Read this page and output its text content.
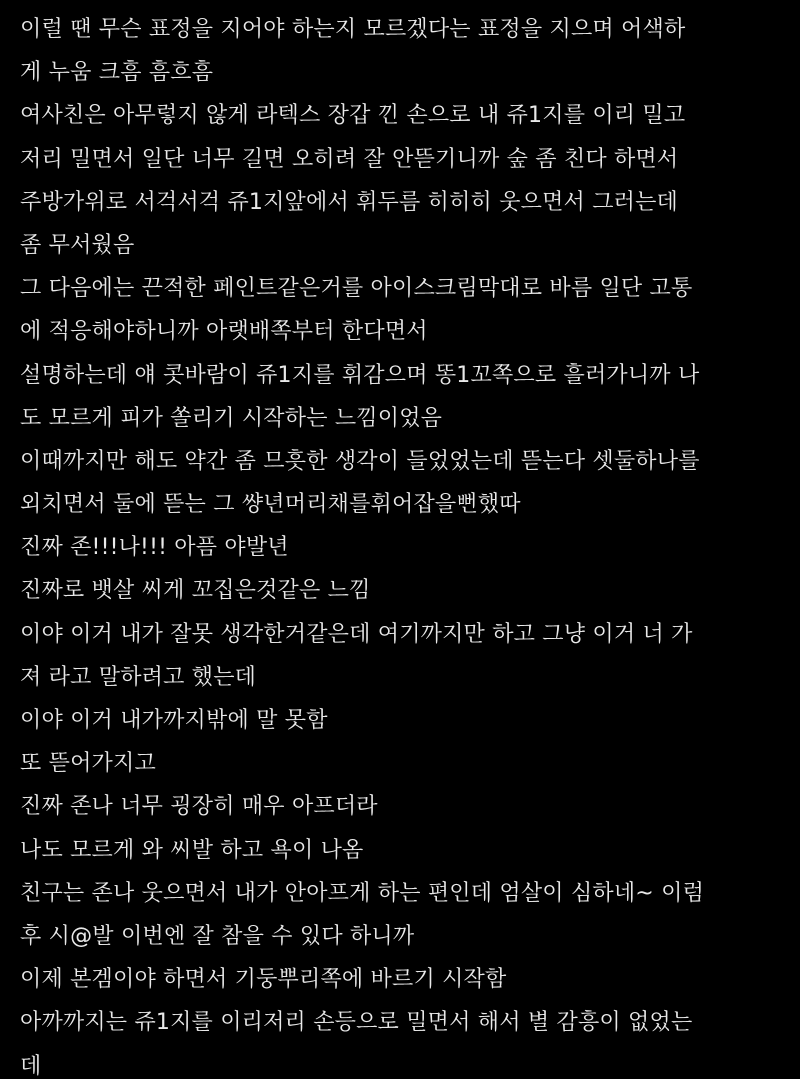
이럴 땐 무슨 표정을 지어야 하는지 모르겠다는 표정을 지으며 어색하
게 누움 크흠 흠흐흠
여사친은 아무렇지 않게 라텍스 장갑 낀 손으로 내 쥬1지를 이리 밀고
저리 밀면서 일단 너무 길면 오히려 잘 안뜯기니까 숲 좀 친다 하면서
주방가위로 서걱서걱 쥬1지앞에서 휘두름 히히히 웃으면서 그러는데
좀 무서웠음
그 다음에는 끈적한 페인트같은거를 아이스크림막대로 바름 일단 고통
에 적응해야하니까 아랫배쪽부터 한다면서
설명하는데 얘 콧바람이 쥬1지를 휘감으며 똥1꼬쪽으로 흘러가니까 나
도 모르게 피가 쏠리기 시작하는 느낌이었음
이때까지만 해도 약간 좀 므흣한 생각이 들었었는데 뜯는다 셋둘하나를
외치면서 둘에 뜯는 그 썅년머리채를휘어잡을뻔했따
진짜 존!!!나!!! 아픔 야발년
진짜로 뱃살 씨게 꼬집은것같은 느낌
이야 이거 내가 잘못 생각한거같은데 여기까지만 하고 그냥 이거 너 가
져 라고 말하려고 했는데
이야 이거 내가까지밖에 말 못함
또 뜯어가지고
진짜 존나 너무 굉장히 매우 아프더라
나도 모르게 와 씨발 하고 욕이 나옴
친구는 존나 웃으면서 내가 안아프게 하는 편인데 엄살이 심하네~ 이럼
후 시@발 이번엔 잘 참을 수 있다 하니까
이제 본겜이야 하면서 기둥뿌리쪽에 바르기 시작함
아까까지는 쥬1지를 이리저리 손등으로 밀면서 해서 별 감흥이 없었는
데
